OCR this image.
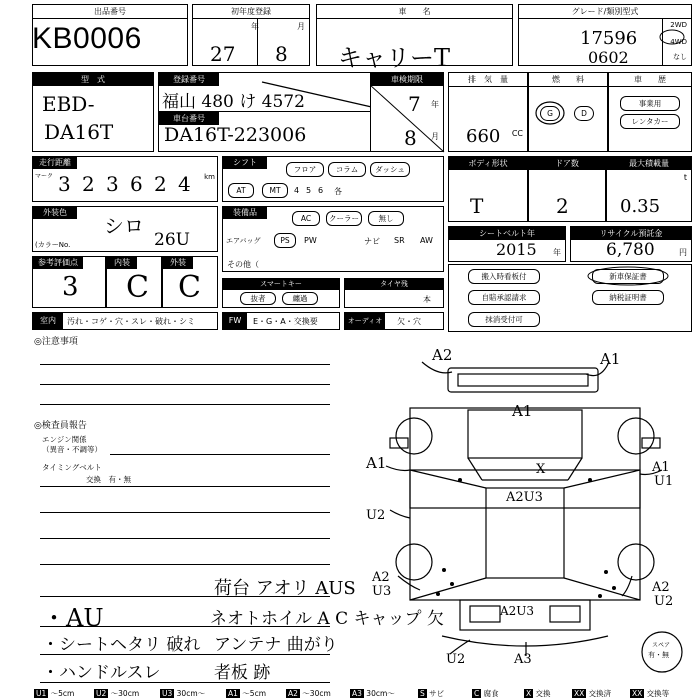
出品番号
KB0006
初年度登録
年	月
27 8
車　　名
キャリーT
グレード/類別型式
2WD
4WD
なし
17596
0602
型　式
EBD-
DA16T
登録番号
車台番号
福山 480 け 4572
DA16T-223006
車検期限
年
月
7
8
排　気　量
CC
660
燃　　料
G	D
車　　歴
事業用
レンタカー
走行距離
マーク	km
3 2 3 6 2 4
シフト
フロア	コラム	ダッシュ
AT	MT	4 5 6 各
ボディ形状
T
ドア数
2
最大積載量
t
0.35
外装色
(カラーNo.
シロ
26U
装備品
その他（
AC	クーラー	無し
エアバッグ	PS	PW	ナビ SR AW
シートベルト年
年
2015
リサイクル預託金
円
6,780
参考評価点
3
内装
C
外装
C	スマートキー
抜者	纏過
タイヤ残
本
搬入時看板付	新車保証書
自賠承認請求	納税証明書
抹消受付可
室内	汚れ・コゲ・穴・スレ・破れ・シミ	FW	E・G・A・交換要	オーディオ	欠・穴
◎注意事項
◎検査員報告
エンジン関係
（異音・不調等）
タイミングベルト
交換　有・無
荷台 アオリ AUS
・AU	ネオトホイル A C キャップ 欠
・シートヘタリ 破れ アンテナ 曲がり
・ハンドルスレ	者板 跡
A2	A1
A1
A1
U1
X	A1
U2
A2U3
A2
U3	A2
U2
U2	A3
A2U3
スペア
有・無
U1 ～5cm	U2 ～30cm	U3 30cm～	A1 ～5cm	A2 ～30cm	A3 30cm～	S サビ	C 腐食	X 交換	XX 交換済	XX 交換等
